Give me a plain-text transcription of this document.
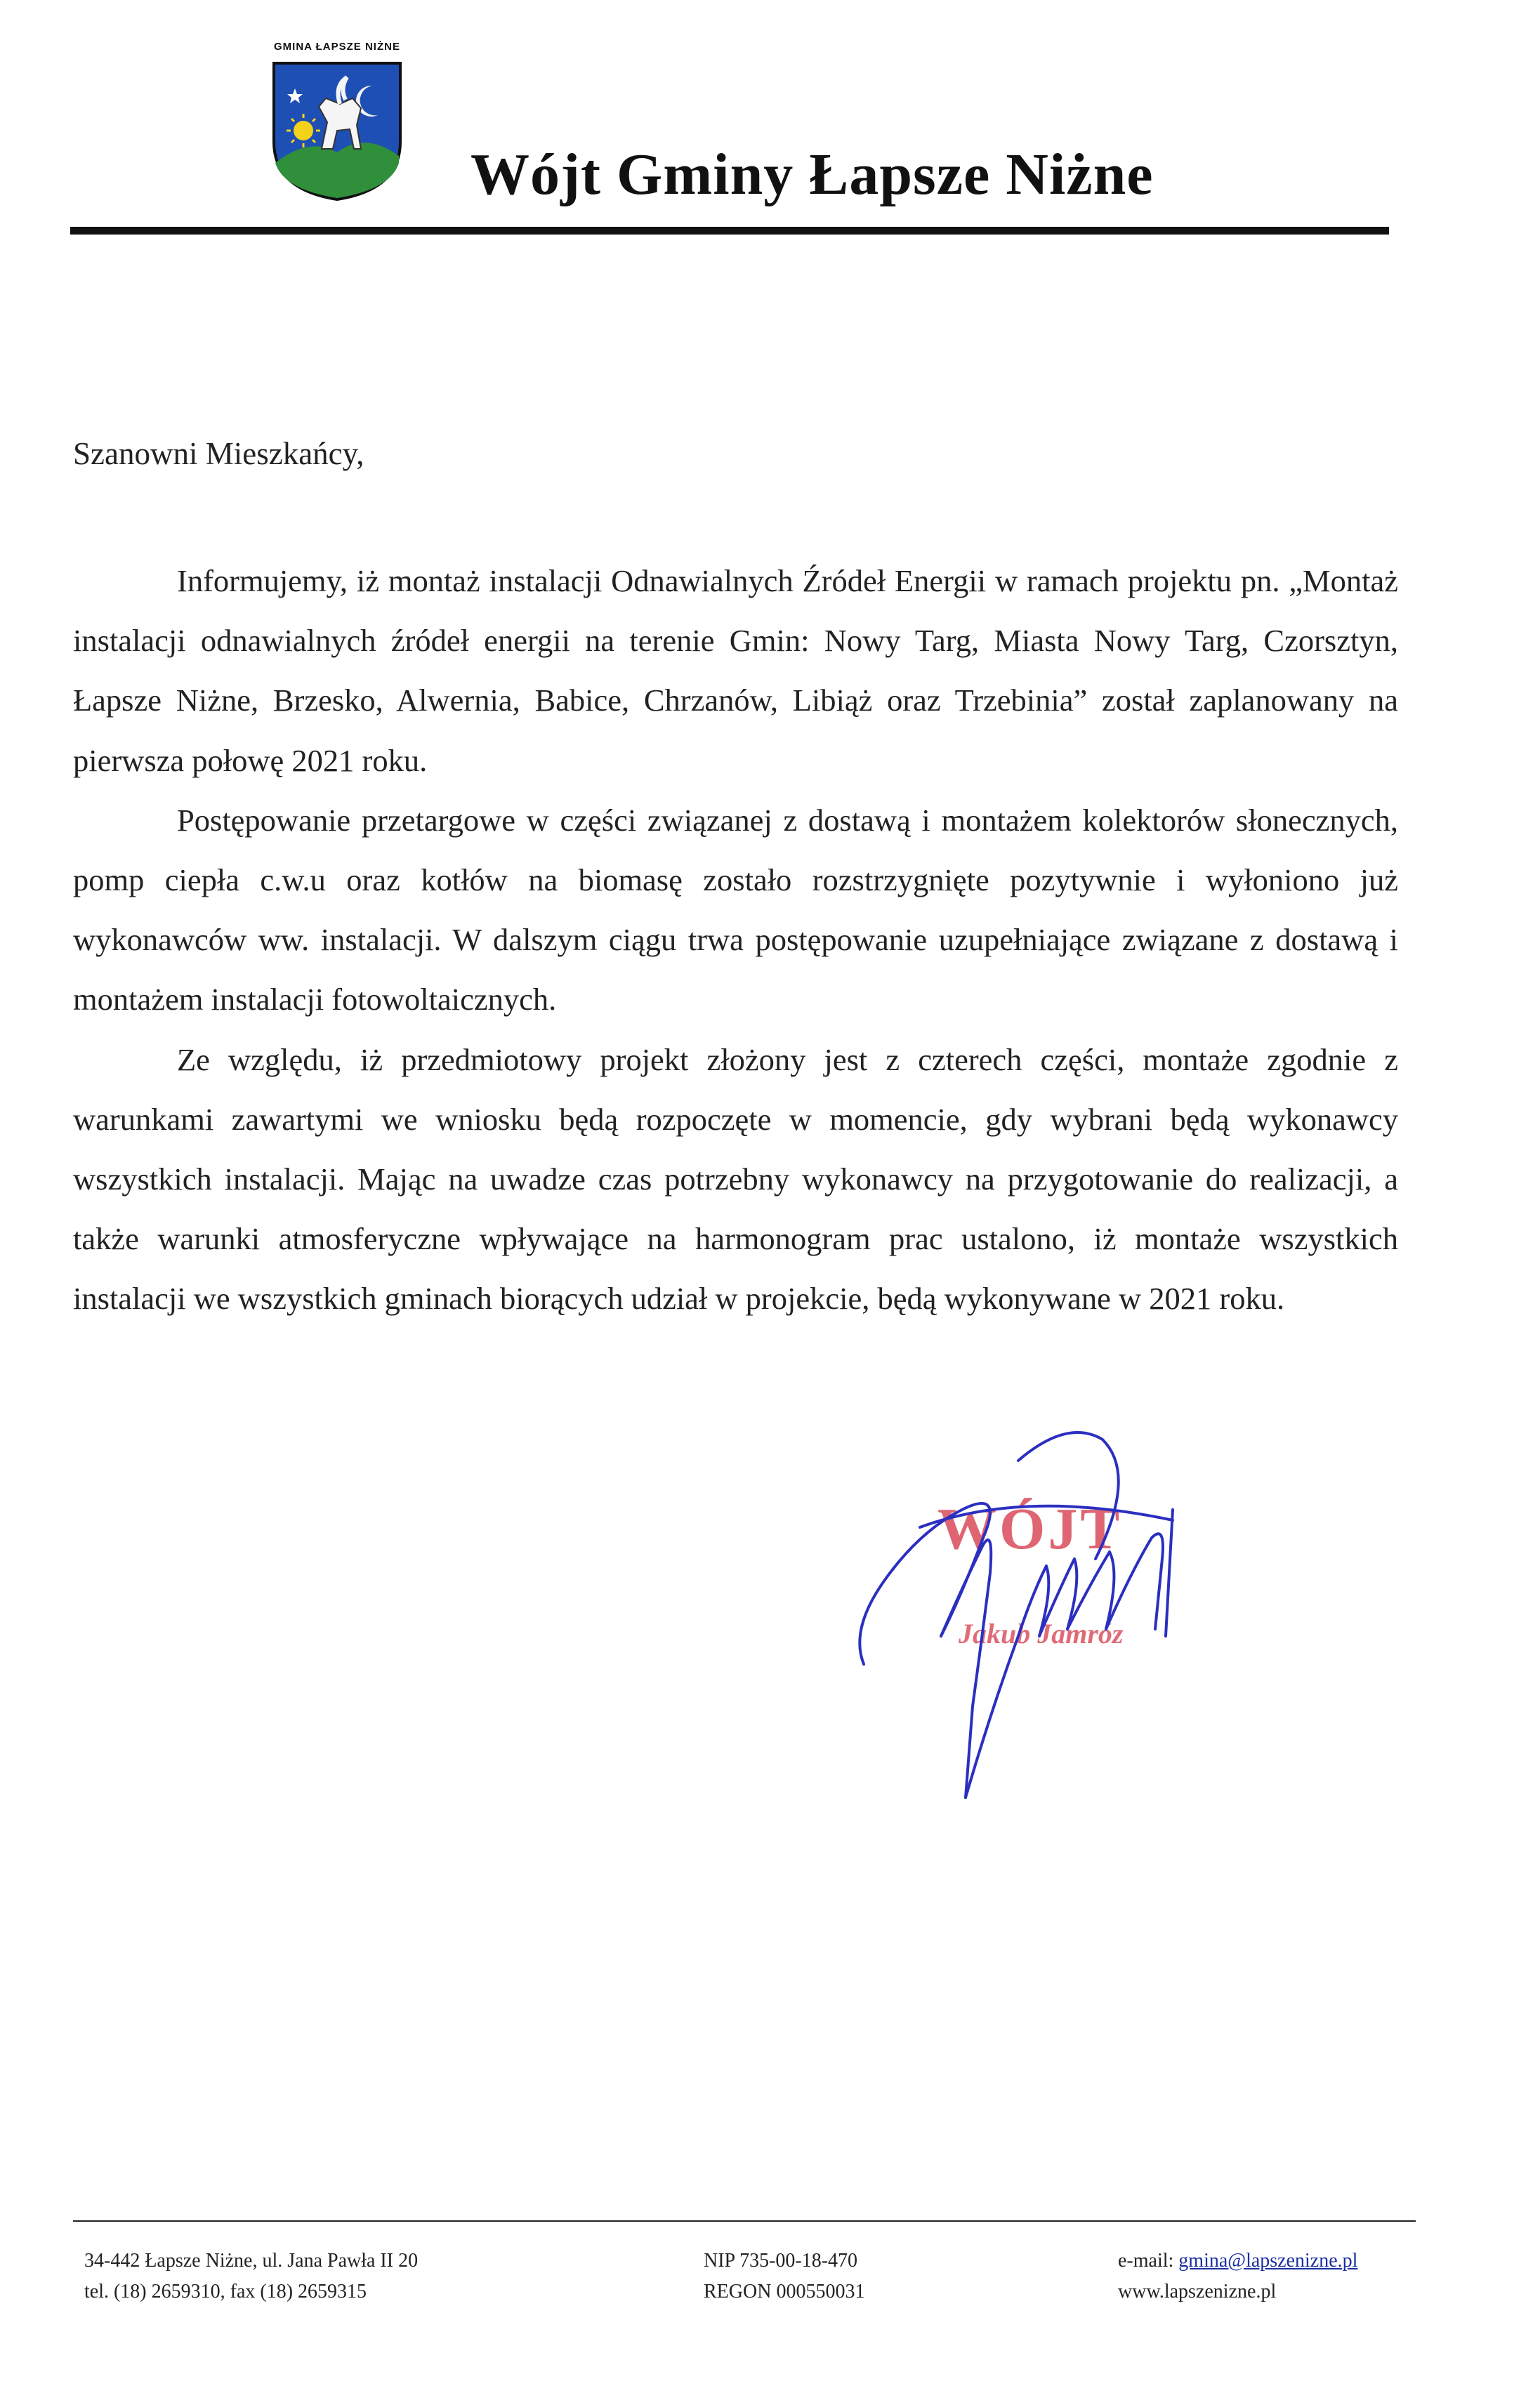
GMINA ŁAPSZE NIŻNE
Wójt Gminy Łapsze Niżne
Szanowni Mieszkańcy,

Informujemy, iż montaż instalacji Odnawialnych Źródeł Energii w ramach projektu pn. „Montaż instalacji odnawialnych źródeł energii na terenie Gmin: Nowy Targ, Miasta Nowy Targ, Czorsztyn, Łapsze Niżne, Brzesko, Alwernia, Babice, Chrzanów, Libiąż oraz Trzebinia” został zaplanowany na pierwsza połowę 2021 roku.

Postępowanie przetargowe w części związanej z dostawą i montażem kolektorów słonecznych, pomp ciepła c.w.u oraz kotłów na biomasę zostało rozstrzygnięte pozytywnie i wyłoniono już wykonawców ww. instalacji. W dalszym ciągu trwa postępowanie uzupełniające związane z dostawą i montażem instalacji fotowoltaicznych.

Ze względu, iż przedmiotowy projekt złożony jest z czterech części, montaże zgodnie z warunkami zawartymi we wniosku będą rozpoczęte w momencie, gdy wybrani będą wykonawcy wszystkich instalacji. Mając na uwadze czas potrzebny wykonawcy na przygotowanie do realizacji, a także warunki atmosferyczne wpływające na harmonogram prac ustalono, iż montaże wszystkich instalacji we wszystkich gminach biorących udział w projekcie, będą wykonywane w 2021 roku.

WÓJT
Jakub Jamróz
34-442 Łapsze Niżne, ul. Jana Pawła II 20
tel. (18) 2659310, fax (18) 2659315
NIP 735-00-18-470
REGON 000550031
e-mail: gmina@lapszenizne.pl
www.lapszenizne.pl
